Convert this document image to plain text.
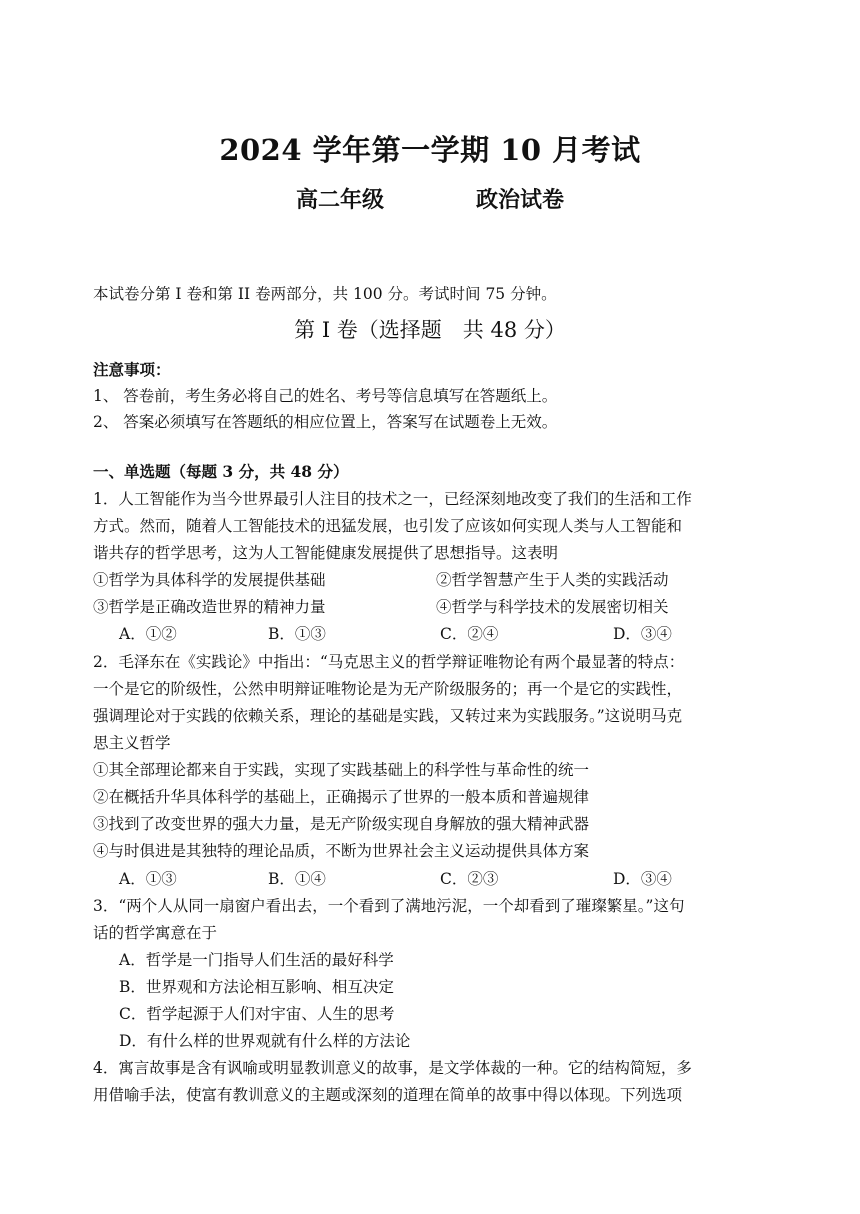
2024 学年第一学期 10 月考试
高二年级	政治试卷
本试卷分第 I 卷和第 II 卷两部分，共 100 分。考试时间 75 分钟。
第 I 卷（选择题　共 48 分）
注意事项：
1、 答卷前，考生务必将自己的姓名、考号等信息填写在答题纸上。
2、 答案必须填写在答题纸的相应位置上，答案写在试题卷上无效。
一、单选题（每题 3 分，共 48 分）
1．人工智能作为当今世界最引人注目的技术之一，已经深刻地改变了我们的生活和工作
方式。然而，随着人工智能技术的迅猛发展，也引发了应该如何实现人类与人工智能和
谐共存的哲学思考，这为人工智能健康发展提供了思想指导。这表明
①哲学为具体科学的发展提供基础	②哲学智慧产生于人类的实践活动
③哲学是正确改造世界的精神力量	④哲学与科学技术的发展密切相关
A．①②	B．①③	C．②④	D．③④
2．毛泽东在《实践论》中指出：“马克思主义的哲学辩证唯物论有两个最显著的特点：
一个是它的阶级性，公然申明辩证唯物论是为无产阶级服务的；再一个是它的实践性，
强调理论对于实践的依赖关系，理论的基础是实践，又转过来为实践服务。”这说明马克
思主义哲学
①其全部理论都来自于实践，实现了实践基础上的科学性与革命性的统一
②在概括升华具体科学的基础上，正确揭示了世界的一般本质和普遍规律
③找到了改变世界的强大力量，是无产阶级实现自身解放的强大精神武器
④与时俱进是其独特的理论品质，不断为世界社会主义运动提供具体方案
A．①③	B．①④	C．②③	D．③④
3．“两个人从同一扇窗户看出去，一个看到了满地污泥，一个却看到了璀璨繁星。”这句
话的哲学寓意在于
A．哲学是一门指导人们生活的最好科学
B．世界观和方法论相互影响、相互决定
C．哲学起源于人们对宇宙、人生的思考
D．有什么样的世界观就有什么样的方法论
4．寓言故事是含有讽喻或明显教训意义的故事，是文学体裁的一种。它的结构简短，多
用借喻手法，使富有教训意义的主题或深刻的道理在简单的故事中得以体现。下列选项
